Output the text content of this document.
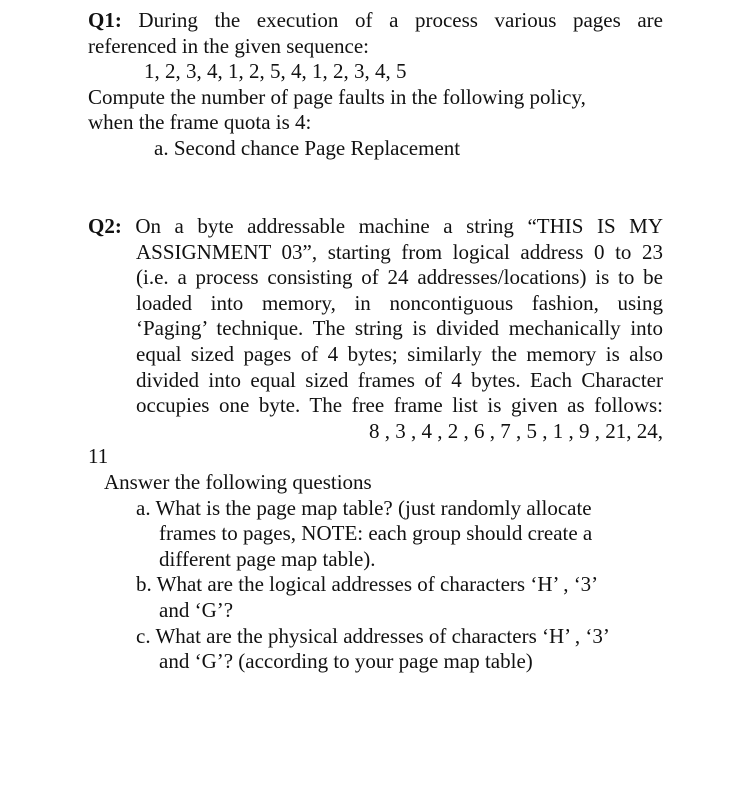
Q1: During the execution of a process various pages are
referenced in the given sequence:
1, 2, 3, 4, 1, 2, 5, 4, 1, 2, 3, 4, 5
Compute the number of page faults in the following policy,
when the frame quota is 4:
a. Second chance Page Replacement
Q2: On a byte addressable machine a string “THIS IS MY
ASSIGNMENT 03”, starting from logical address 0 to 23
(i.e. a process consisting of 24 addresses/locations) is to be
loaded into memory, in noncontiguous fashion, using
‘Paging’ technique. The string is divided mechanically into
equal sized pages of 4 bytes; similarly the memory is also
divided into equal sized frames of 4 bytes. Each Character
occupies one byte. The free frame list is given as follows:
8 , 3 , 4 , 2 , 6 , 7 , 5 , 1 , 9 , 21, 24,
11
Answer the following questions
a. What is the page map table? (just randomly allocate
frames to pages, NOTE: each group should create a
different page map table).
b. What are the logical addresses of characters ‘H’ , ‘3’
and ‘G’?
c. What are the physical addresses of characters ‘H’ , ‘3’
and ‘G’? (according to your page map table)
